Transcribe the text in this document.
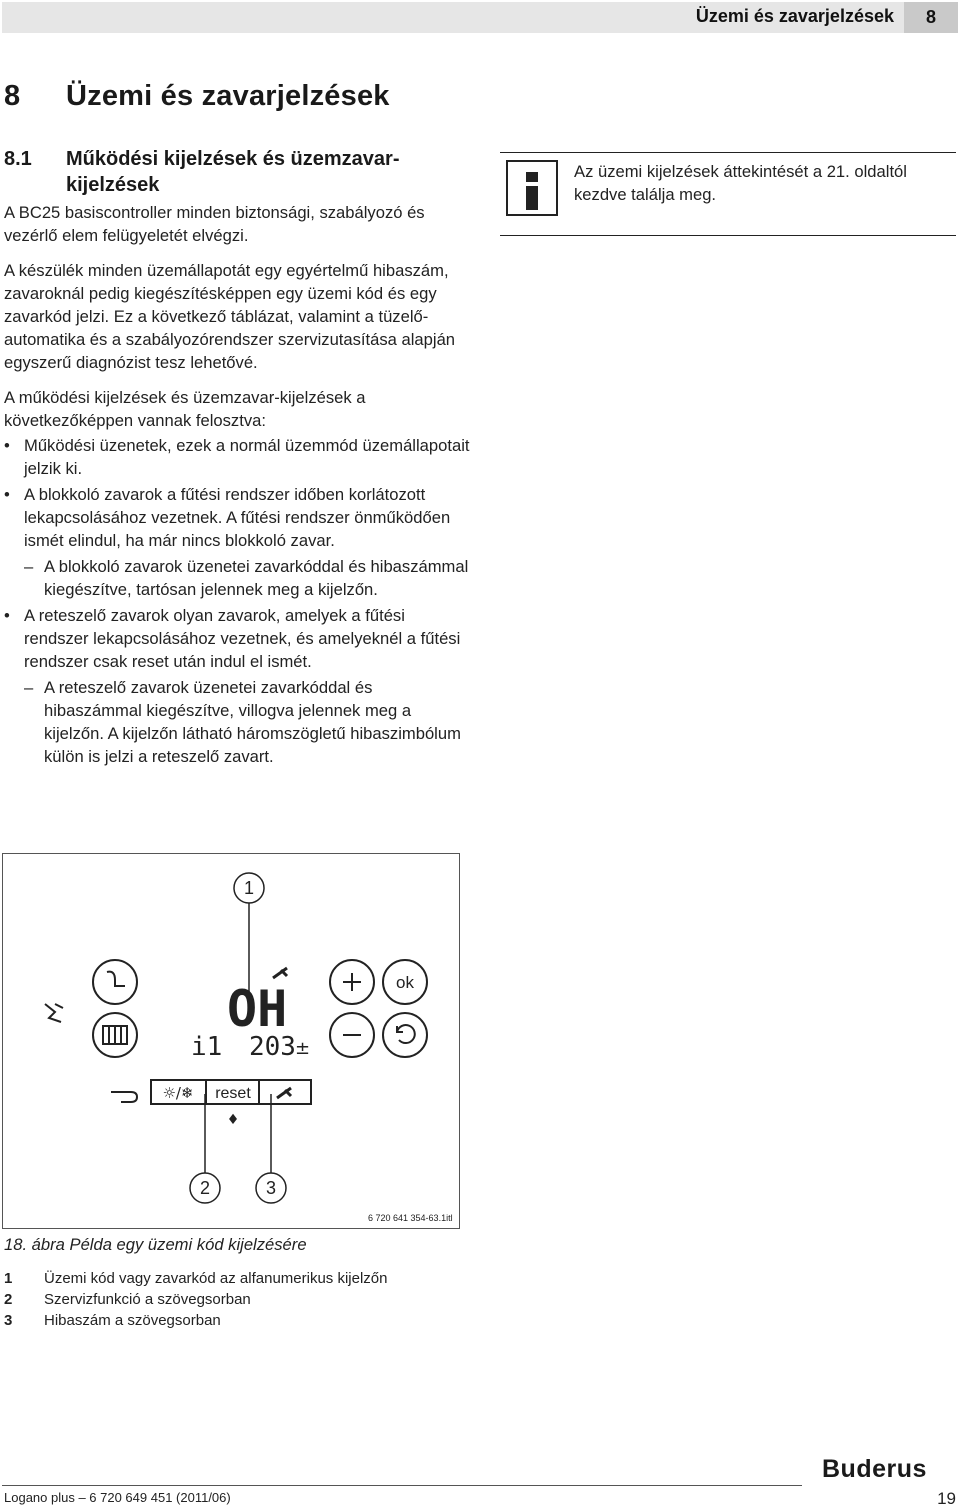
Üzemi és zavarjelzések	8
8 Üzemi és zavarjelzések
8.1 Működési kijelzések és üzemzavar-kijelzések

A BC25 basiscontroller minden biztonsági, szabályozó és vezérlő elem felügyeletét elvégzi.

A készülék minden üzemállapotát egy egyértelmű hibaszám, zavaroknál pedig kiegészítésképpen egy üzemi kód és egy zavarkód jelzi. Ez a következő táblázat, valamint a tüzelő-automatika és a szabályozórendszer szervizutasítása alapján egyszerű diagnózist tesz lehetővé.

A működési kijelzések és üzemzavar-kijelzések a következőképpen vannak felosztva:

• Működési üzenetek, ezek a normál üzemmód üzemállapotait jelzik ki.
• A blokkoló zavarok a fűtési rendszer időben korlátozott lekapcsolásához vezetnek. A fűtési rendszer önműködően ismét elindul, ha már nincs blokkoló zavar.
– A blokkoló zavarok üzenetei zavarkóddal és hibaszámmal kiegészítve, tartósan jelennek meg a kijelzőn.
• A reteszelő zavarok olyan zavarok, amelyek a fűtési rendszer lekapcsolásához vezetnek, és amelyeknél a fűtési rendszer csak reset után indul el ismét.
– A reteszelő zavarok üzenetei zavarkóddal és hibaszámmal kiegészítve, villogva jelennek meg a kijelzőn. A kijelzőn látható háromszögletű hibaszimbólum külön is jelzi a reteszelő zavart.
Az üzemi kijelzések áttekintését a 21. oldaltól kezdve találja meg.
1
2	3
OH
i1 203 ±
ok
☼/❄ reset
♦
6 720 641 354-63.1itl
18. ábra Példa egy üzemi kód kijelzésére
1 Üzemi kód vagy zavarkód az alfanumerikus kijelzőn
2 Szervizfunkció a szövegsorban
3 Hibaszám a szövegsorban
Buderus
Logano plus – 6 720 649 451 (2011/06)	19
